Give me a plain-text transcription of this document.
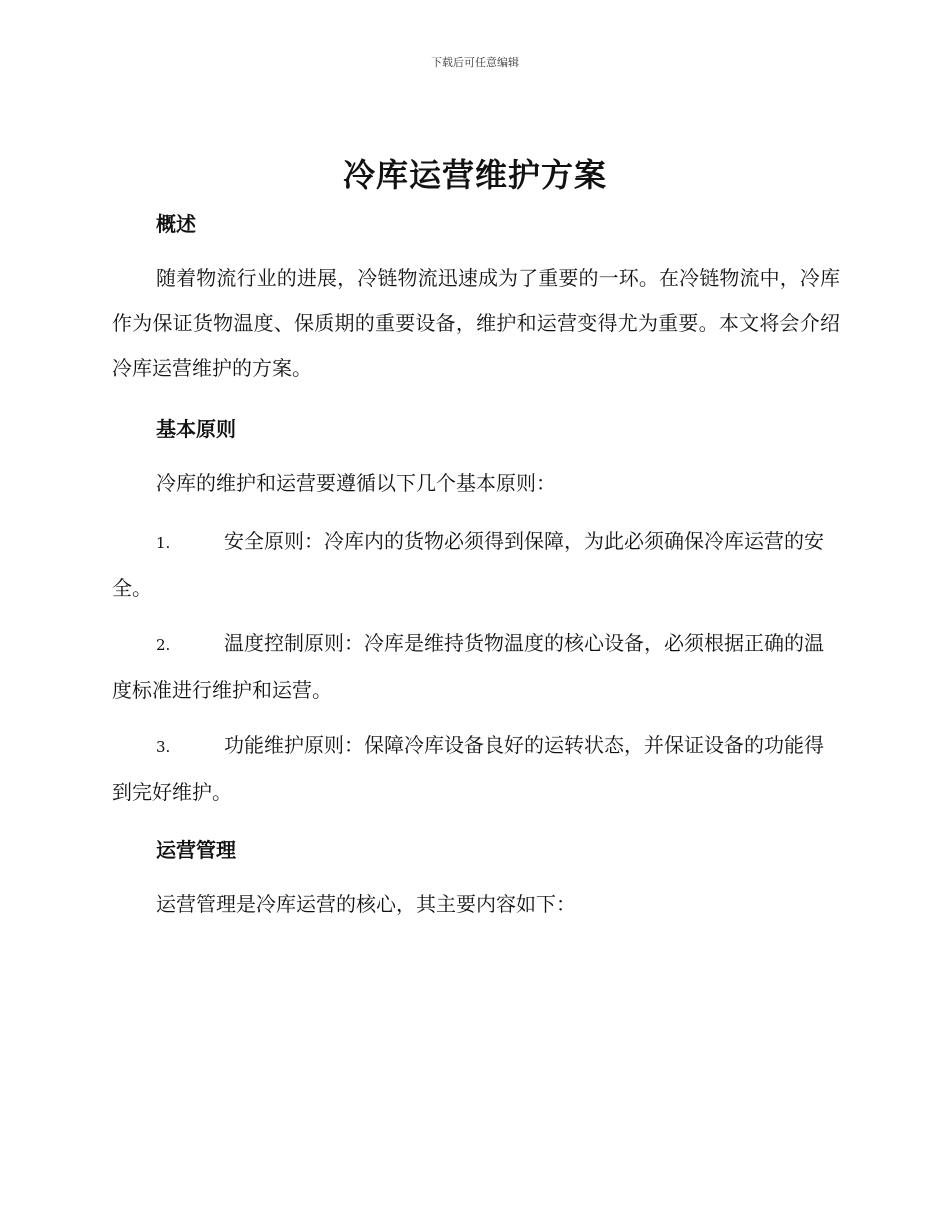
下载后可任意编辑
冷库运营维护方案
概述
随着物流行业的进展，冷链物流迅速成为了重要的一环。在冷链物流中，冷库作为保证货物温度、保质期的重要设备，维护和运营变得尤为重要。本文将会介绍冷库运营维护的方案。
基本原则
冷库的维护和运营要遵循以下几个基本原则：
1.	安全原则：冷库内的货物必须得到保障，为此必须确保冷库运营的安全。
2.	温度控制原则：冷库是维持货物温度的核心设备，必须根据正确的温度标准进行维护和运营。
3.	功能维护原则：保障冷库设备良好的运转状态，并保证设备的功能得到完好维护。
运营管理
运营管理是冷库运营的核心，其主要内容如下：
